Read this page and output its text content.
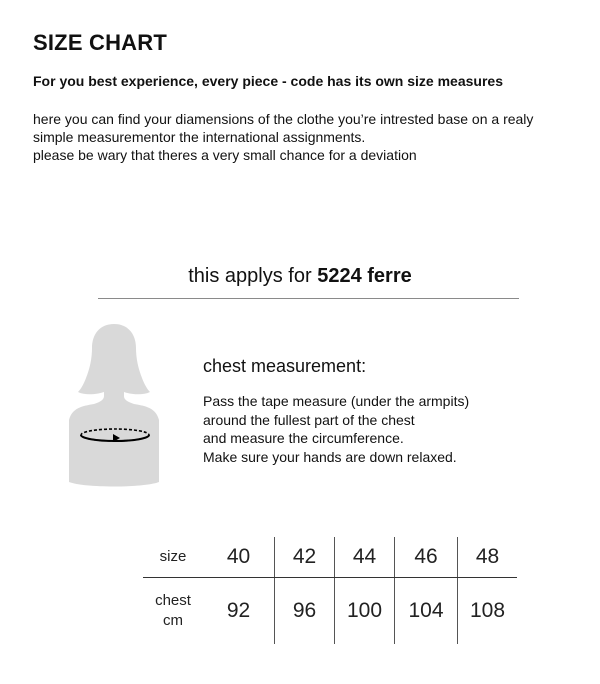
SIZE CHART
For you best experience, every piece - code has its own size measures
here you can find your diamensions of the clothe you’re intrested base on a realy
simple measurementor the international assignments.
please be wary that theres a very small chance for a deviation
this applys for 5224 ferre
chest measurement:
Pass the tape measure (under the armpits)
around the fullest part of the chest
and measure the circumference.
Make sure your hands are down relaxed.
size	40	42	44	46	48
chest
cm	92	96	100	104	108
